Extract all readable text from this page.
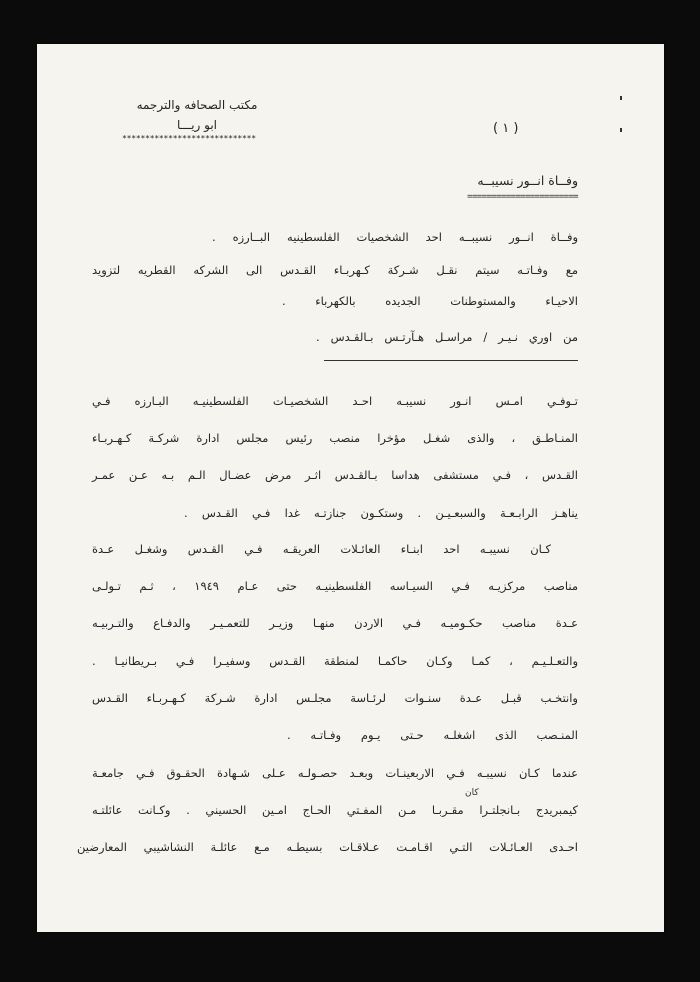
مكتب الصحافه والترجمه
ابو ريـــا
*****************************
( ١ )
وفــاة انــور نسيبــه
=======================
وفــاة انــور نسيبــه احد الشخصيات الفلسطينيه البــارزه .
مع وفـاتـه سيتم نقـل شـركة كـهربـاء القـدس الى الشركه القطريه لتزويد
الاحيـاء والمستوطنات الجديده بالكهرباء .
من اوري نـيـر / مراسـل هـآرتـس بـالقـدس .
تـوفـي امـس انـور نسيبـه احـد الشخصيـات الفلسطينيـه البـارزه فـي
المنـاطـق ، والذى شغـل مؤخرا منصب رئيس مجلس ادارة شركـة كـهـربـاء
القـدس ، فـي مستشفى هداسا بـالقـدس اثـر مرض عضـال الـم بـه عـن عمـر
يناهـز الرابـعـة والسبعـيـن . وستكـون جنازتـه غدا فـي القـدس .
كـان نسيبـه احد ابنـاء العائـلات العريقـه فـي القـدس وشغـل عـدة
مناصب مركزيـه فـي السيـاسه الفلسطينيـه حتى عـام ١٩٤٩ ، ثـم تـولـى
عـدة مناصب حكـوميـه فـي الاردن منهـا وزيـر للتعمـيـر والدفـاع والتـربيـه
والتعـلـيـم ، كمـا وكـان حاكمـا لمنطقة القـدس وسفيـرا فـي بـريطانيـا .
وانتخـب قبـل عـدة سنـوات لرئـاسة مجلـس ادارة شـركة كـهـربـاء القـدس
المنـصب الذى اشغلـه حـتى يـوم وفـاتـه .
عندما كـان نسيبـه فـي الاربعينـات وبعـد حصـولـه عـلى شـهادة الحقـوق فـي جامعـة
كان
كيمبريدج بـانجلتـرا مقـربـا مـن المفـتي الحـاج امـين الحسيني . وكـانت عائلتـه
احـدى العـائـلات التـي اقـامـت عـلاقـات بسيطـه مـع عائلـة النشاشيبي المعارضين
